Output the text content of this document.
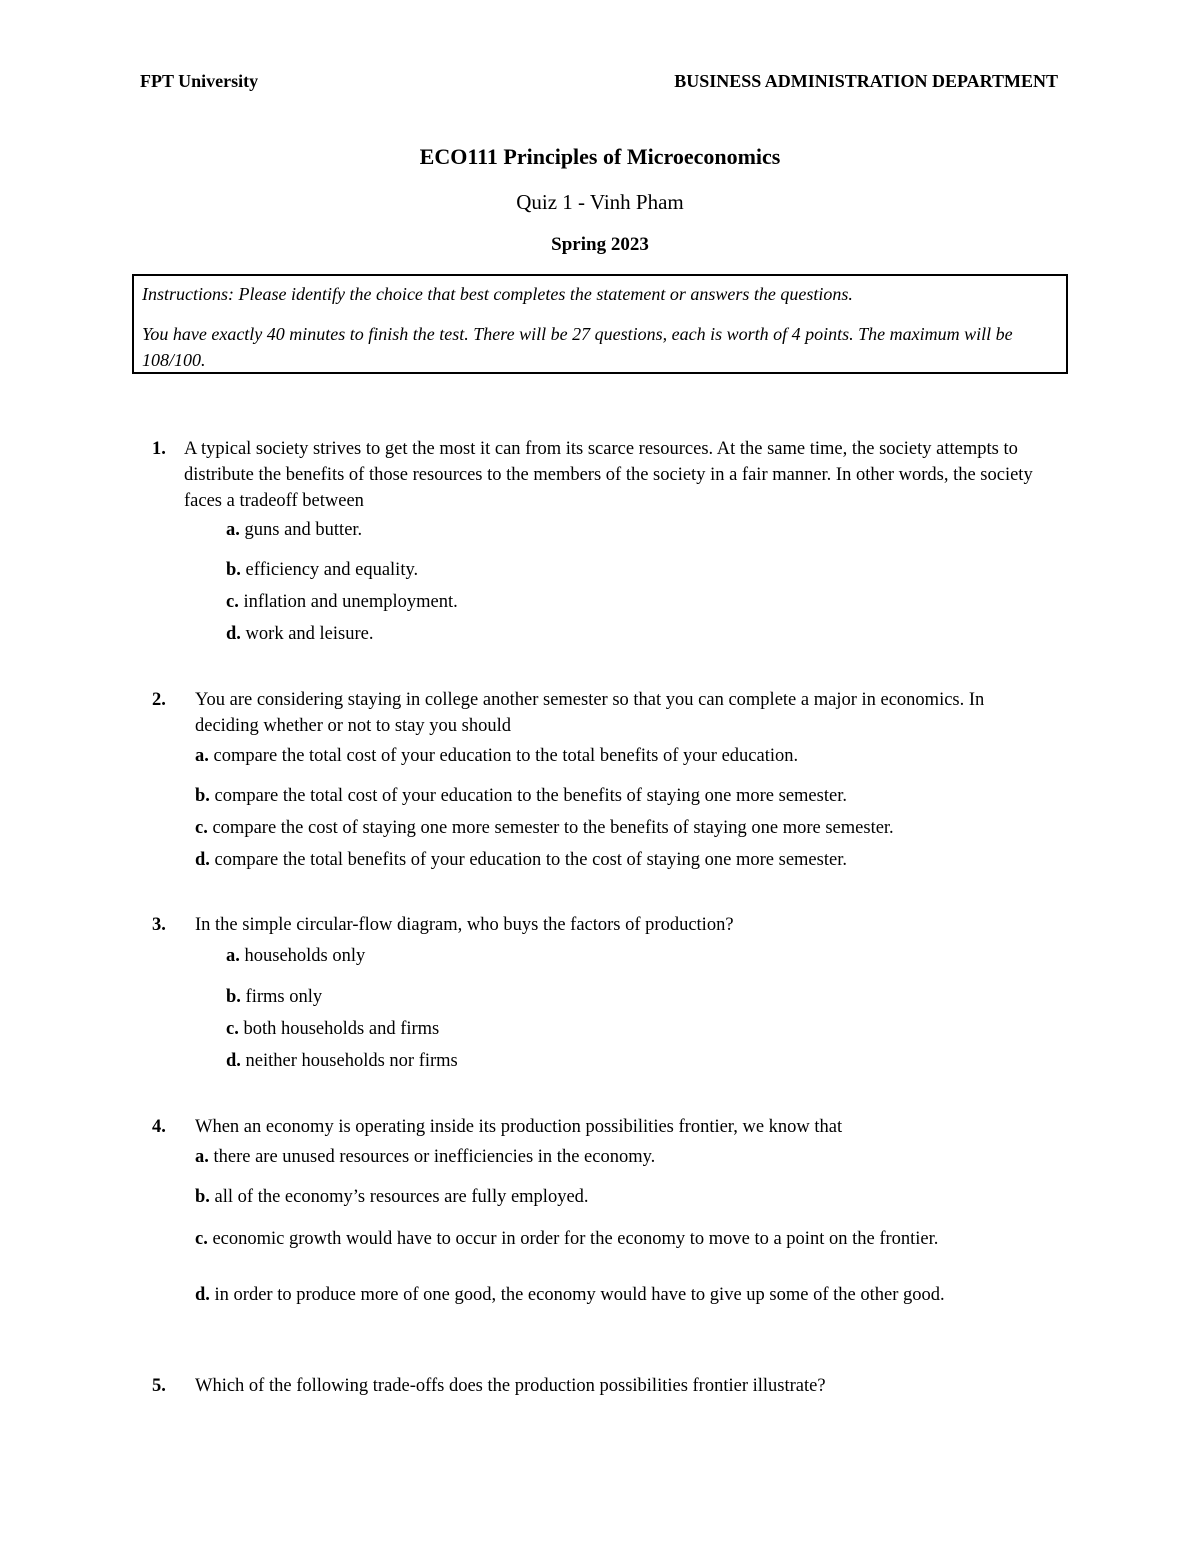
FPT University	BUSINESS ADMINISTRATION DEPARTMENT
ECO111 Principles of Microeconomics
Quiz 1 - Vinh Pham
Spring 2023

Instructions: Please identify the choice that best completes the statement or answers the questions.

You have exactly 40 minutes to finish the test. There will be 27 questions, each is worth of 4 points. The maximum will be 108/100.

1. A typical society strives to get the most it can from its scarce resources. At the same time, the society attempts to distribute the benefits of those resources to the members of the society in a fair manner. In other words, the society faces a tradeoff between
a. guns and butter.
b. efficiency and equality.
c. inflation and unemployment.
d. work and leisure.
2. You are considering staying in college another semester so that you can complete a major in economics. In deciding whether or not to stay you should
a. compare the total cost of your education to the total benefits of your education.
b. compare the total cost of your education to the benefits of staying one more semester.
c. compare the cost of staying one more semester to the benefits of staying one more semester.
d. compare the total benefits of your education to the cost of staying one more semester.
3. In the simple circular-flow diagram, who buys the factors of production?
a. households only
b. firms only
c. both households and firms
d. neither households nor firms
4. When an economy is operating inside its production possibilities frontier, we know that
a. there are unused resources or inefficiencies in the economy.
b. all of the economy’s resources are fully employed.
c. economic growth would have to occur in order for the economy to move to a point on the frontier.
d. in order to produce more of one good, the economy would have to give up some of the other good.
5. Which of the following trade-offs does the production possibilities frontier illustrate?
